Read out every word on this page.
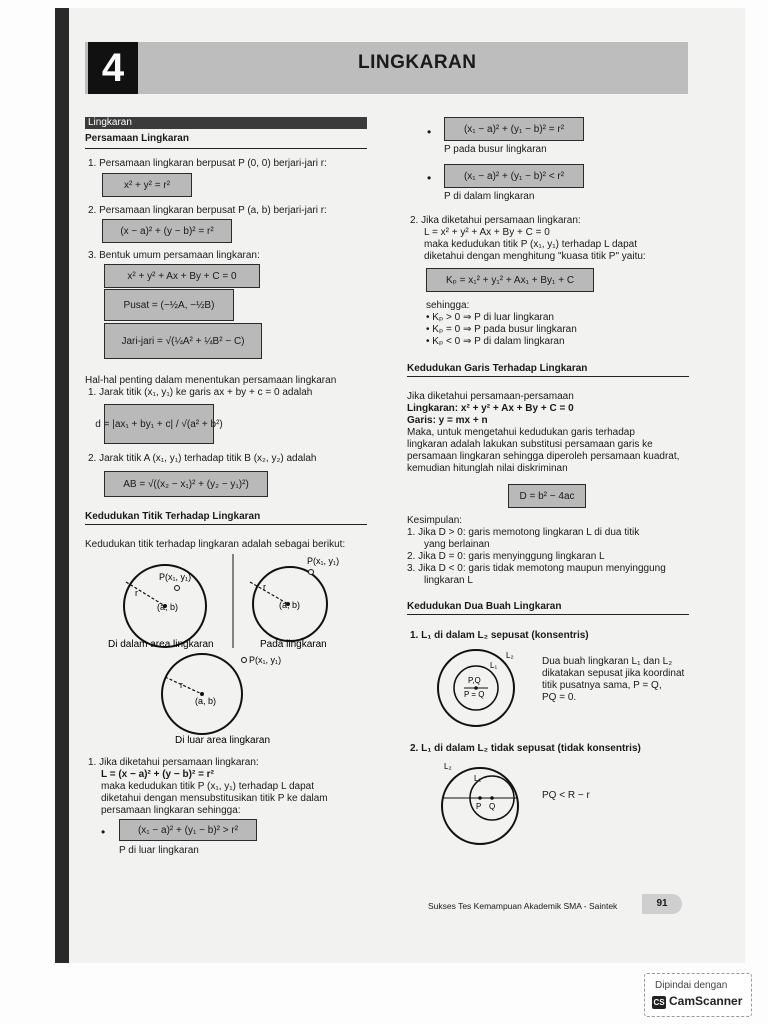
4	LINGKARAN
Lingkaran
Persamaan Lingkaran
1. Persamaan lingkaran berpusat P (0, 0) berjari-jari r:
x² + y² = r²
2. Persamaan lingkaran berpusat P (a, b) berjari-jari r:
(x − a)² + (y − b)² = r²
3. Bentuk umum persamaan lingkaran:
x² + y² + Ax + By + C = 0
Pusat = (−½A, −½B)
Jari-jari = √(¼A² + ¼B² − C)
Hal-hal penting dalam menentukan persamaan lingkaran
1. Jarak titik (x₁, y₁) ke garis ax + by + c = 0 adalah
d = |ax₁ + by₁ + c| / √(a² + b²)
2. Jarak titik A (x₁, y₁) terhadap titik B (x₂, y₂) adalah
AB = √((x₂ − x₁)² + (y₂ − y₁)²)
Kedudukan Titik Terhadap Lingkaran
Kedudukan titik terhadap lingkaran adalah sebagai berikut:
P(x₁, y₁)
r
(a, b)
P(x₁, y₁)
r
(a, b)
Di dalam area lingkaran	Pada lingkaran
P(x₁, y₁)
r
(a, b)
Di luar area lingkaran
1. Jika diketahui persamaan lingkaran:
L = (x − a)² + (y − b)² = r²
maka kedudukan titik P (x₁, y₁) terhadap L dapat
diketahui dengan mensubstitusikan titik P ke dalam
persamaan lingkaran sehingga:
•	(x₁ − a)² + (y₁ − b)² > r²
P di luar lingkaran
•	(x₁ − a)² + (y₁ − b)² = r²
P pada busur lingkaran
•	(x₁ − a)² + (y₁ − b)² < r²
P di dalam lingkaran
2. Jika diketahui persamaan lingkaran:
L = x² + y² + Ax + By + C = 0
maka kedudukan titik P (x₁, y₁) terhadap L dapat
diketahui dengan menghitung "kuasa titik P" yaitu:
Kₚ = x₁² + y₁² + Ax₁ + By₁ + C
sehingga:
• Kₚ > 0 ⇒ P di luar lingkaran
• Kₚ = 0 ⇒ P pada busur lingkaran
• Kₚ < 0 ⇒ P di dalam lingkaran
Kedudukan Garis Terhadap Lingkaran
Jika diketahui persamaan-persamaan
Lingkaran: x² + y² + Ax + By + C = 0
Garis: y = mx + n
Maka, untuk mengetahui kedudukan garis terhadap
lingkaran adalah lakukan substitusi persamaan garis ke
persamaan lingkaran sehingga diperoleh persamaan kuadrat,
kemudian hitunglah nilai diskriminan
D = b² − 4ac
Kesimpulan:
1. Jika D > 0: garis memotong lingkaran L di dua titik
yang berlainan
2. Jika D = 0: garis menyinggung lingkaran L
3. Jika D < 0: garis tidak memotong maupun menyinggung
lingkaran L
Kedudukan Dua Buah Lingkaran
1. L₁ di dalam L₂ sepusat (konsentris)
L₂
L₁
P,Q
P = Q
Dua buah lingkaran L₁ dan L₂
dikatakan sepusat jika koordinat
titik pusatnya sama, P = Q,
PQ = 0.
2. L₁ di dalam L₂ tidak sepusat (tidak konsentris)
L₂
L₁
P Q
PQ < R − r
Sukses Tes Kemampuan Akademik SMA - Saintek	91
Dipindai dengan
CS CamScanner
